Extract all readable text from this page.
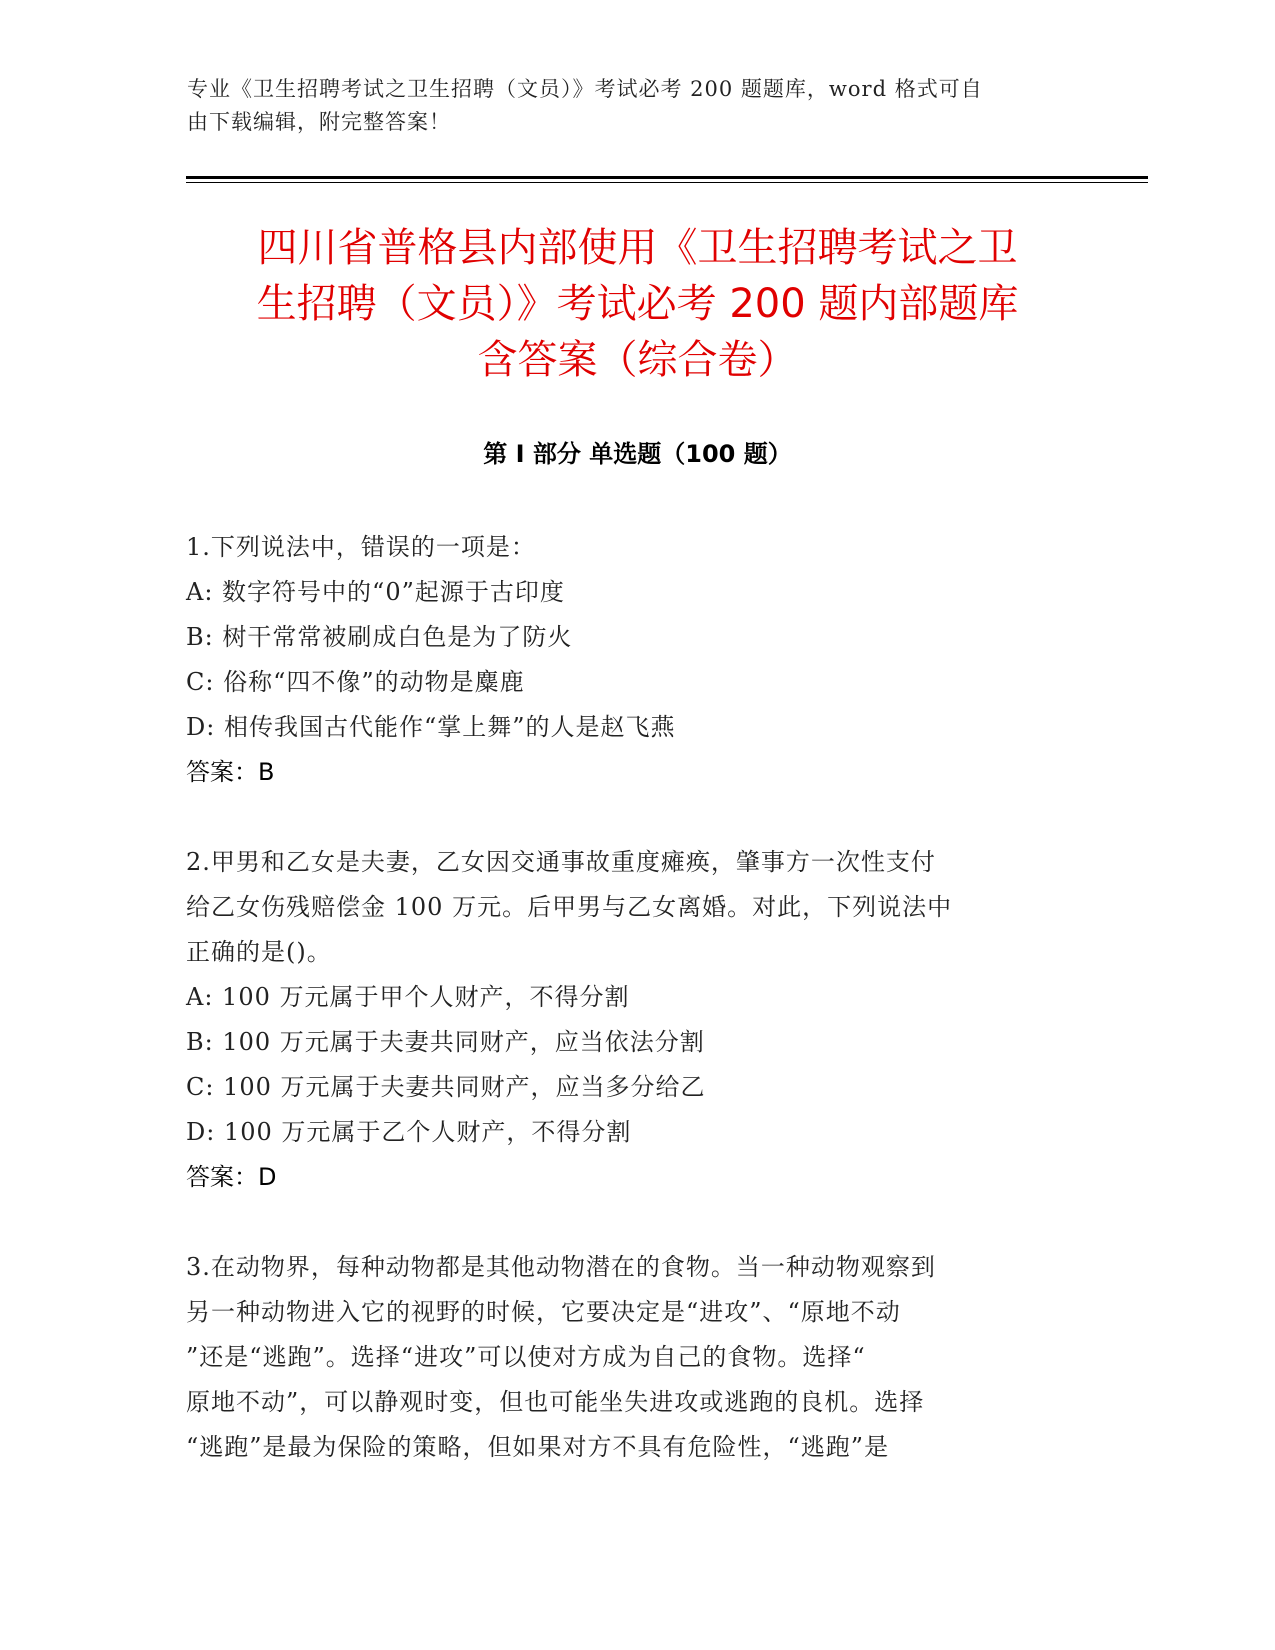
专业《卫生招聘考试之卫生招聘（文员）》考试必考 200 题题库，word 格式可自
由下载编辑，附完整答案！
四川省普格县内部使用《卫生招聘考试之卫
生招聘（文员）》考试必考 200 题内部题库
含答案（综合卷）
第 I 部分 单选题（100 题）
1.下列说法中，错误的一项是：
A: 数字符号中的“0”起源于古印度
B: 树干常常被刷成白色是为了防火
C: 俗称“四不像”的动物是麋鹿
D: 相传我国古代能作“掌上舞”的人是赵飞燕
答案：B
2.甲男和乙女是夫妻，乙女因交通事故重度瘫痪，肇事方一次性支付
给乙女伤残赔偿金 100 万元。后甲男与乙女离婚。对此，下列说法中
正确的是()。
A: 100 万元属于甲个人财产，不得分割
B: 100 万元属于夫妻共同财产，应当依法分割
C: 100 万元属于夫妻共同财产，应当多分给乙
D: 100 万元属于乙个人财产，不得分割
答案：D
3.在动物界，每种动物都是其他动物潜在的食物。当一种动物观察到
另一种动物进入它的视野的时候，它要决定是“进攻”、“原地不动
”还是“逃跑”。选择“进攻”可以使对方成为自己的食物。选择“
原地不动”，可以静观时变，但也可能坐失进攻或逃跑的良机。选择
“逃跑”是最为保险的策略，但如果对方不具有危险性，“逃跑”是
